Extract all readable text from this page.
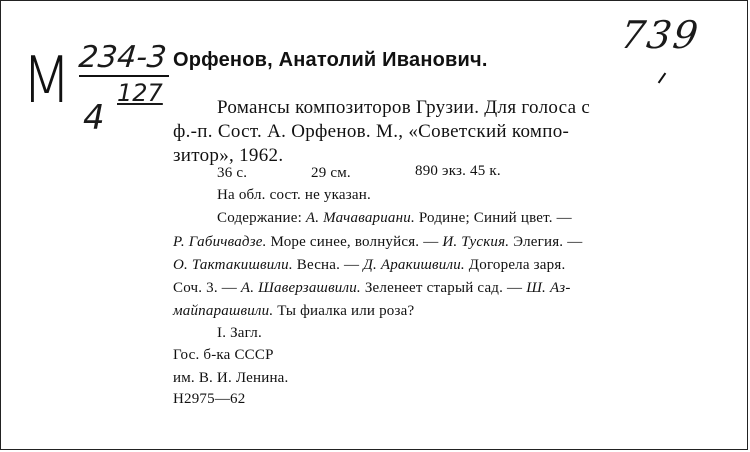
739
М 234-3
127
4
Орфенов, Анатолий Иванович.
Романсы композиторов Грузии. Для голоса с
ф.-п. Сост. А. Орфенов. М., «Советский компо-
зитор», 1962.
36 с.	29 см.	890 экз. 45 к.
На обл. сост. не указан.
Содержание: А. Мачавариани. Родине; Синий цвет. —
Р. Габичвадзе. Море синее, волнуйся. — И. Туския. Элегия. —
О. Тактакишвили. Весна. — Д. Аракишвили. Догорела заря.
Соч. 3. — А. Шаверзашвили. Зеленеет старый сад. — Ш. Аз-
майпарашвили. Ты фиалка или роза?
I. Загл.
Гос. б-ка СССР
им. В. И. Ленина.
Н2975—62
